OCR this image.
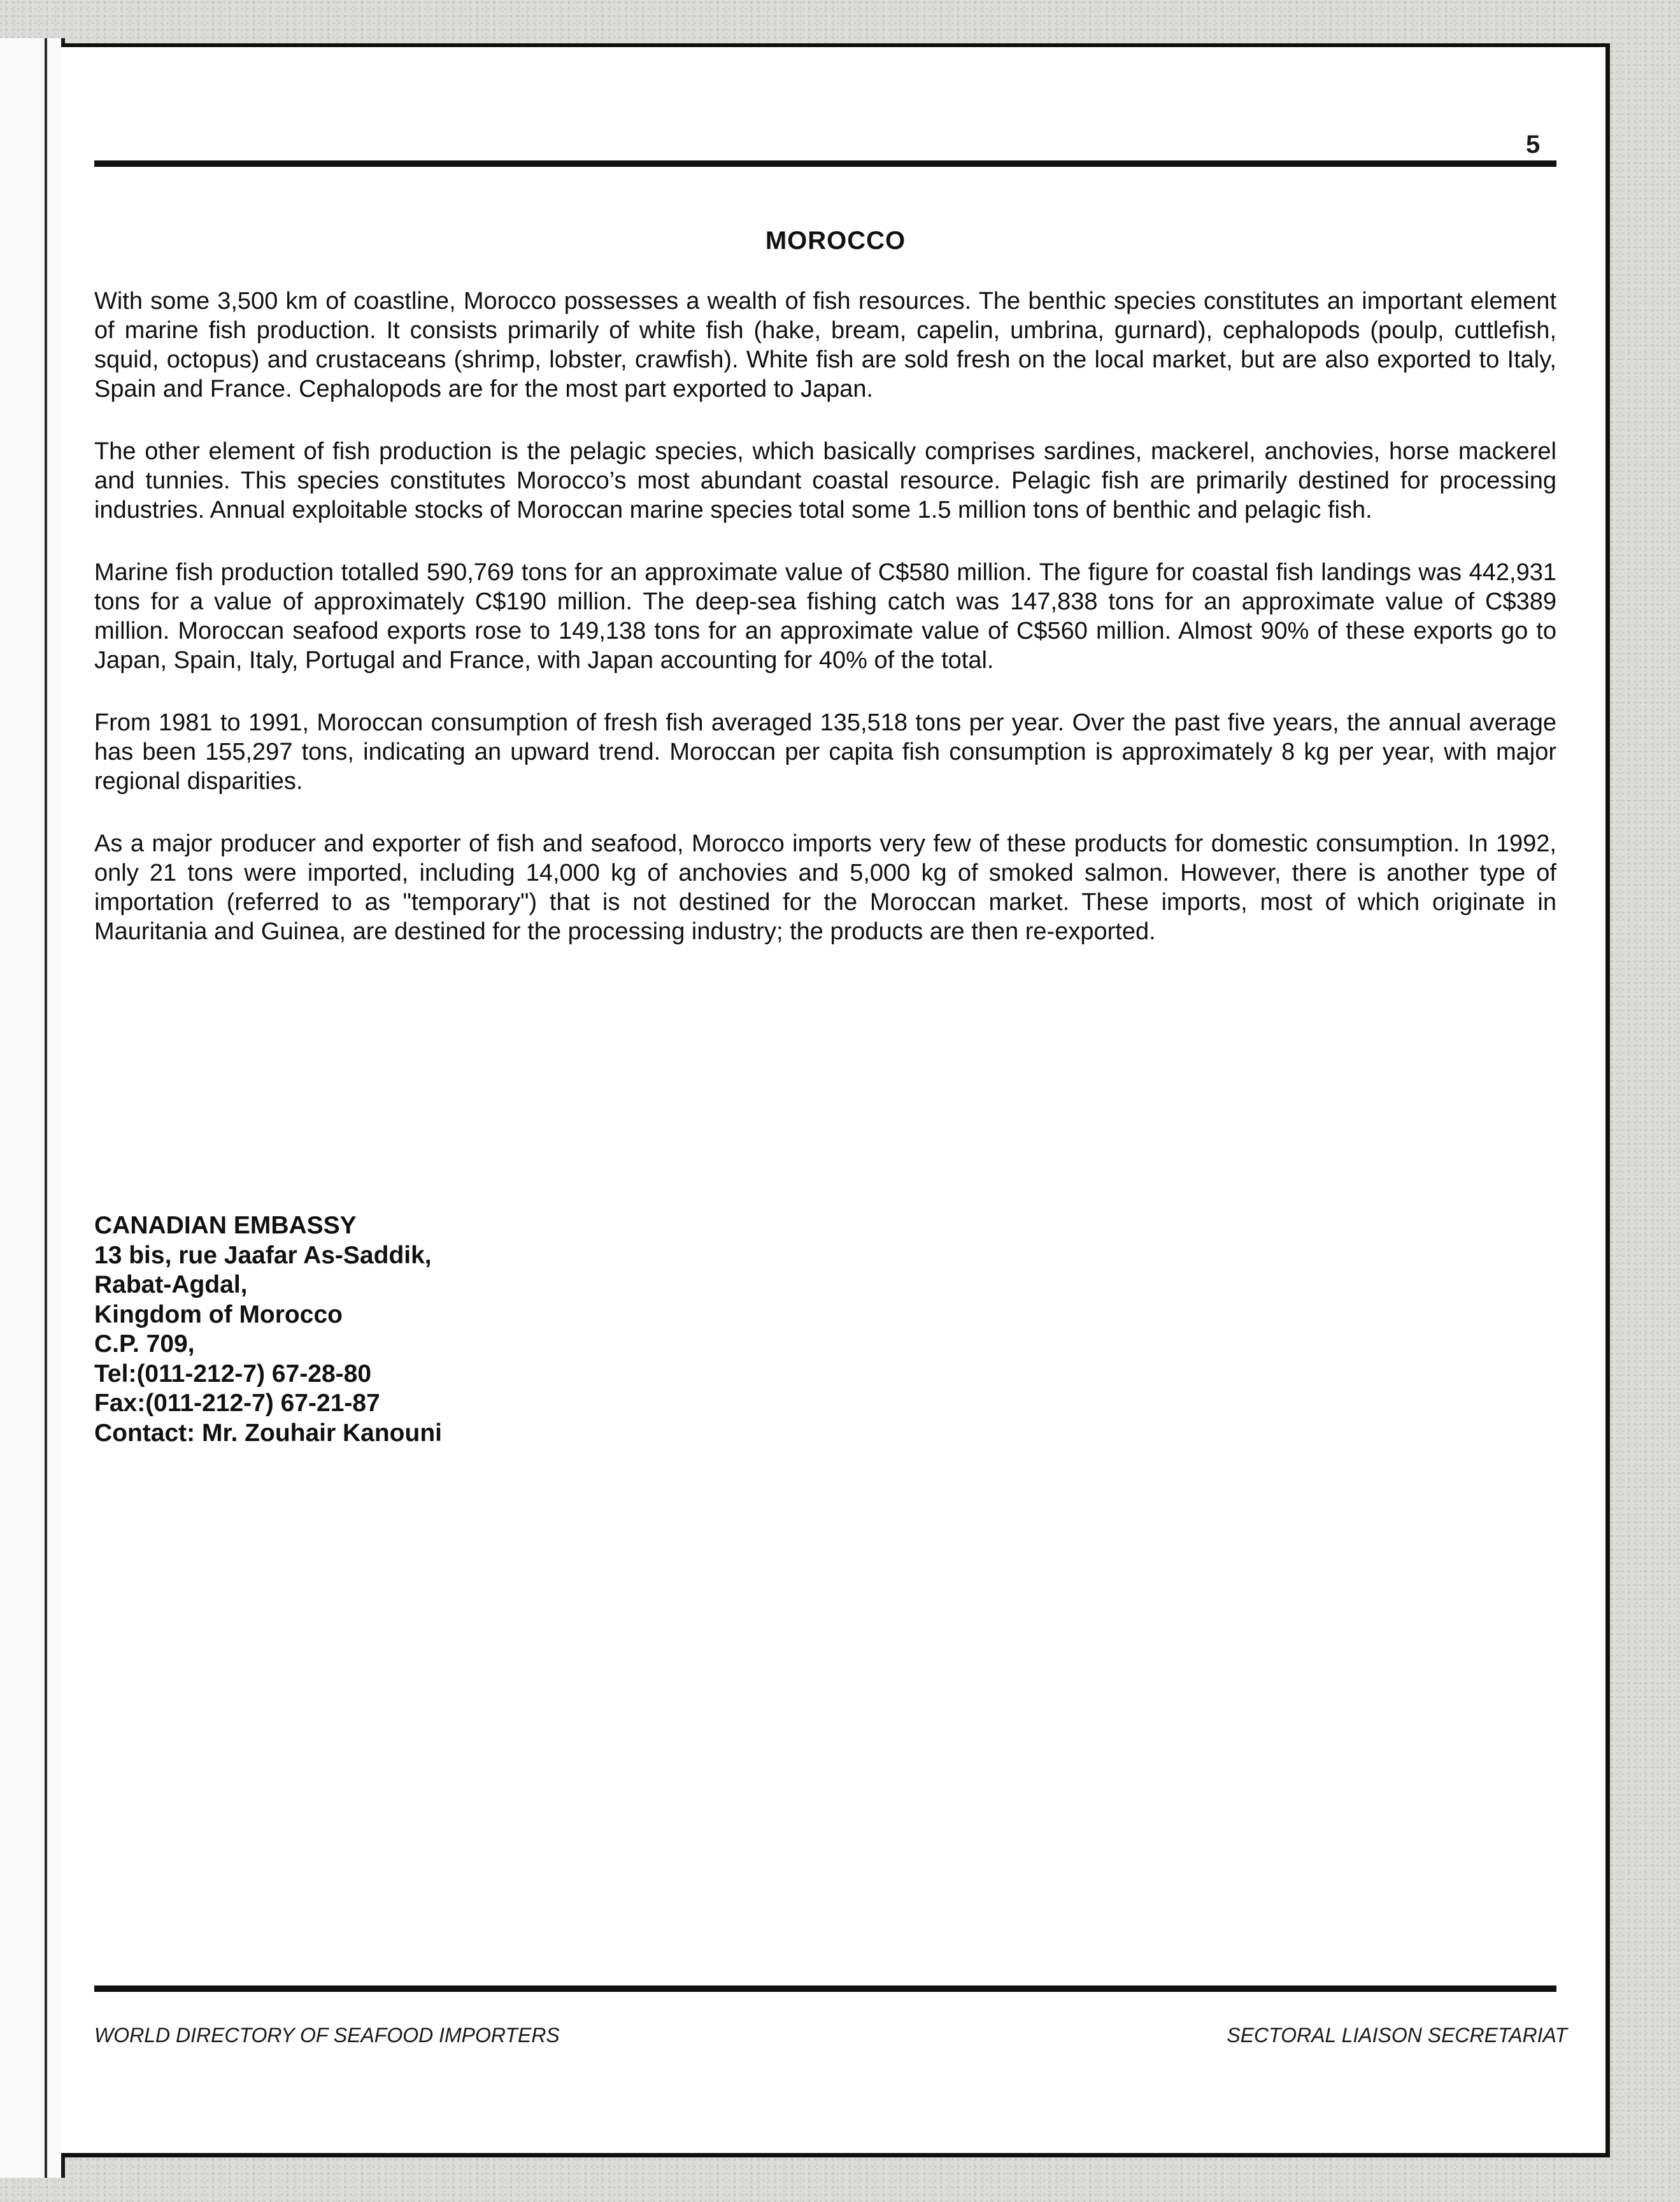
5
MOROCCO

With some 3,500 km of coastline, Morocco possesses a wealth of fish resources. The benthic species constitutes an important element of marine fish production. It consists primarily of white fish (hake, bream, capelin, umbrina, gurnard), cephalopods (poulp, cuttlefish, squid, octopus) and crustaceans (shrimp, lobster, crawfish). White fish are sold fresh on the local market, but are also exported to Italy, Spain and France. Cephalopods are for the most part exported to Japan.

The other element of fish production is the pelagic species, which basically comprises sardines, mackerel, anchovies, horse mackerel and tunnies. This species constitutes Morocco’s most abundant coastal resource. Pelagic fish are primarily destined for processing industries. Annual exploitable stocks of Moroccan marine species total some 1.5 million tons of benthic and pelagic fish.

Marine fish production totalled 590,769 tons for an approximate value of C$580 million. The figure for coastal fish landings was 442,931 tons for a value of approximately C$190 million. The deep-sea fishing catch was 147,838 tons for an approximate value of C$389 million. Moroccan seafood exports rose to 149,138 tons for an approximate value of C$560 million. Almost 90% of these exports go to Japan, Spain, Italy, Portugal and France, with Japan accounting for 40% of the total.

From 1981 to 1991, Moroccan consumption of fresh fish averaged 135,518 tons per year. Over the past five years, the annual average has been 155,297 tons, indicating an upward trend. Moroccan per capita fish consumption is approximately 8 kg per year, with major regional disparities.

As a major producer and exporter of fish and seafood, Morocco imports very few of these products for domestic consumption. In 1992, only 21 tons were imported, including 14,000 kg of anchovies and 5,000 kg of smoked salmon. However, there is another type of importation (referred to as "temporary") that is not destined for the Moroccan market. These imports, most of which originate in Mauritania and Guinea, are destined for the processing industry; the products are then re-exported.

CANADIAN EMBASSY
13 bis, rue Jaafar As-Saddik,
Rabat-Agdal,
Kingdom of Morocco
C.P. 709,
Tel:(011-212-7) 67-28-80
Fax:(011-212-7) 67-21-87
Contact: Mr. Zouhair Kanouni
WORLD DIRECTORY OF SEAFOOD IMPORTERS	SECTORAL LIAISON SECRETARIAT
